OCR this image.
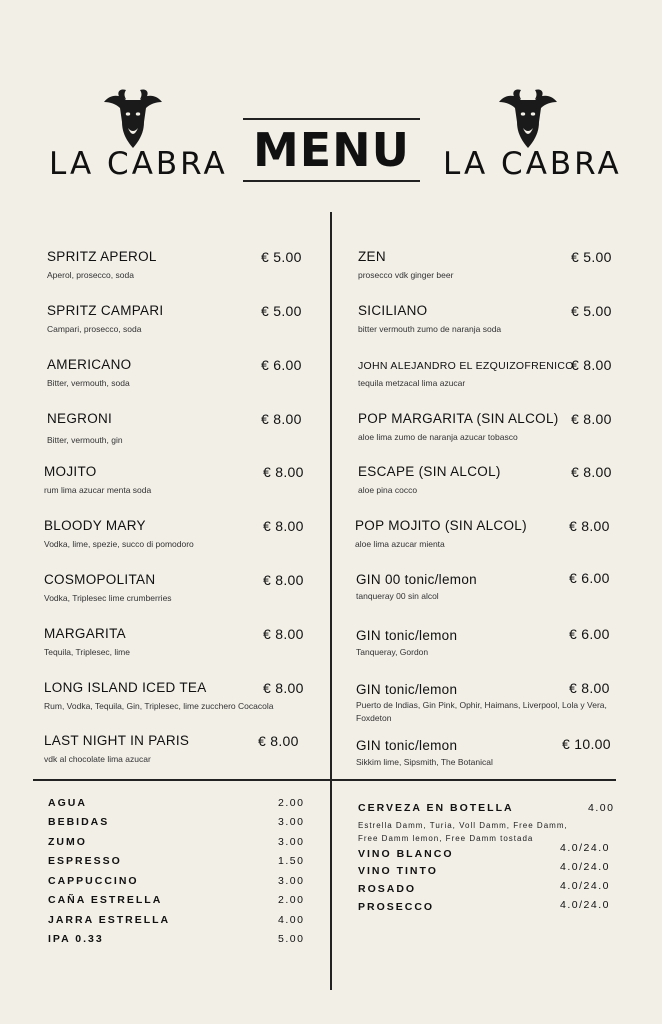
LA CABRA	LA CABRA
MENU
SPRITZ APEROL
Aperol, prosecco, soda
€ 5.00
SPRITZ CAMPARI
Campari, prosecco, soda
€ 5.00
AMERICANO
Bitter, vermouth, soda
€ 6.00
NEGRONI
Bitter, vermouth, gin
€ 8.00
MOJITO
rum lima azucar menta soda
€ 8.00
BLOODY MARY
Vodka, lime, spezie, succo di pomodoro
€ 8.00
COSMOPOLITAN
Vodka, Triplesec lime crumberries
€ 8.00
MARGARITA
Tequila, Triplesec, lime
€ 8.00
LONG ISLAND ICED TEA
Rum, Vodka, Tequila, Gin, Triplesec, lime zucchero Cocacola
€ 8.00
LAST NIGHT IN PARIS
vdk al chocolate lima azucar
€ 8.00
ZEN
prosecco vdk ginger beer
€ 5.00
SICILIANO
bitter vermouth zumo de naranja soda
€ 5.00
JOHN ALEJANDRO EL EZQUIZOFRENICO
tequila metzacal lima azucar
€ 8.00
POP MARGARITA (SIN ALCOL)
aloe lima zumo de naranja azucar tobasco
€ 8.00
ESCAPE (SIN ALCOL)
aloe pina cocco
€ 8.00
POP MOJITO (SIN ALCOL)
aloe lima azucar mienta
€ 8.00
GIN 00 tonic/lemon
tanqueray 00 sin alcol
€ 6.00
GIN tonic/lemon
Tanqueray, Gordon
€ 6.00
GIN tonic/lemon
Puerto de Indias, Gin Pink, Ophir, Haimans, Liverpool, Lola y Vera, Foxdeton
€ 8.00
GIN tonic/lemon
Sikkim lime, Sipsmith, The Botanical
€ 10.00
AGUA	2.00
BEBIDAS	3.00
ZUMO	3.00
ESPRESSO	1.50
CAPPUCCINO	3.00
CAÑA ESTRELLA	2.00
JARRA ESTRELLA	4.00
IPA 0.33	5.00
CERVEZA EN BOTELLA	4.00
Estrella Damm, Turia, Voll Damm, Free Damm,
Free Damm lemon, Free Damm tostada
VINO BLANCO	4.0/24.0
VINO TINTO	4.0/24.0
ROSADO	4.0/24.0
PROSECCO	4.0/24.0
